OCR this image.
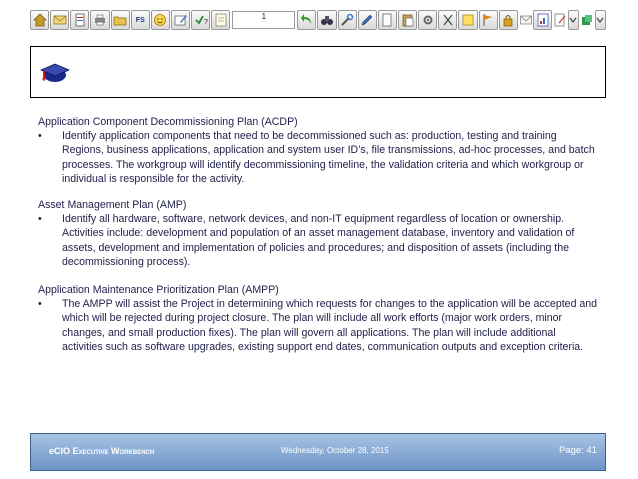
FS	?
1

Application Component Decommissioning Plan (ACDP)

•	Identify application components that need to be decommissioned such as: production, testing and training Regions, business applications, application and system user ID’s, file transmissions, ad-hoc processes, and batch processes. The workgroup will identify decommissioning timeline, the validation criteria and which workgroup or individual is responsible for the activity.

Asset Management Plan (AMP)

•	Identify all hardware, software, network devices, and non-IT equipment regardless of location or ownership. Activities include: development and population of an asset management database, inventory and validation of assets, development and implementation of policies and procedures; and disposition of assets (including the decommissioning process).

Application Maintenance Prioritization Plan (AMPP)

•	The AMPP will assist the Project in determining which requests for changes to the application will be accepted and which will be rejected during project closure. The plan will include all work efforts (major work orders, minor changes, and small production fixes). The plan will govern all applications. The plan will include additional activities such as software upgrades, existing support end dates, communication outputs and exception criteria.
eCIO Executive Workbench	Wednesday, October 28, 2015	Page: 41
